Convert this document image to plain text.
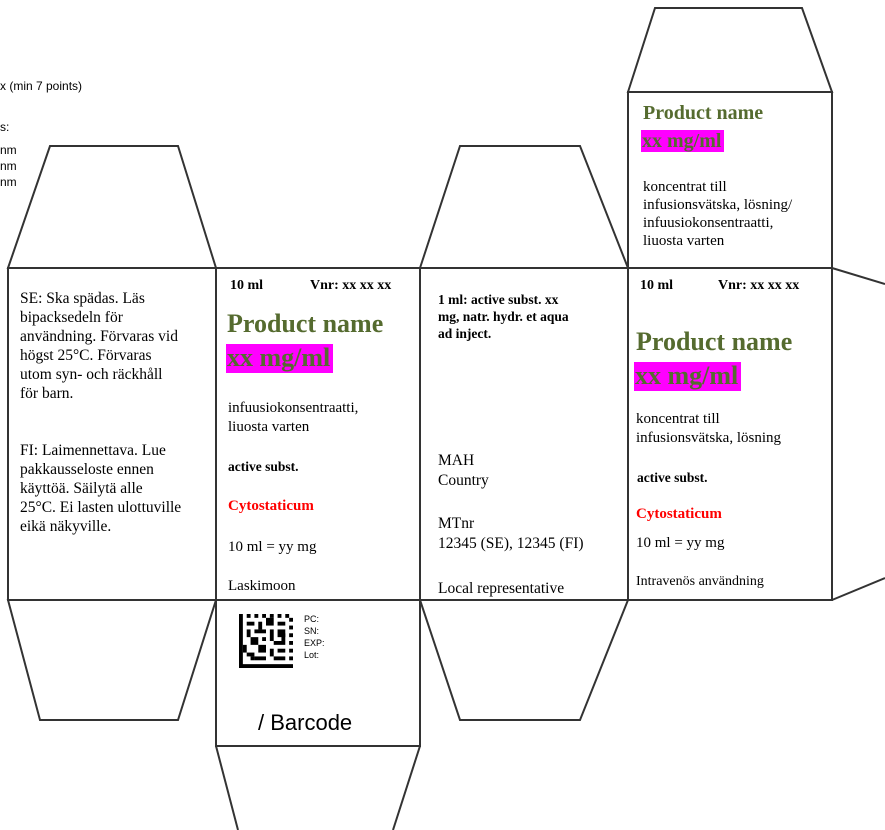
x (min 7 points)
s:
nm
nm
nm
Product name
xx mg/ml
koncentrat till
infusionsvätska, lösning/
infuusiokonsentraatti,
liuosta varten
SE: Ska spädas. Läs
bipacksedeln för
användning. Förvaras vid
högst 25°C. Förvaras
utom syn- och räckhåll
för barn.
FI: Laimennettava. Lue
pakkausseloste ennen
käyttöä. Säilytä alle
25°C. Ei lasten ulottuville
eikä näkyville.
10 ml	Vnr: xx xx xx
Product name
xx mg/ml
infuusiokonsentraatti,
liuosta varten
active subst.
Cytostaticum
10 ml = yy mg
Laskimoon
1 ml: active subst. xx
mg, natr. hydr. et aqua
ad inject.
MAH
Country
MTnr
12345 (SE), 12345 (FI)
Local representative
10 ml	Vnr: xx xx xx
Product name
xx mg/ml
koncentrat till
infusionsvätska, lösning
active subst.
Cytostaticum
10 ml = yy mg
Intravenös användning
PC:
SN:
EXP:
Lot:
/ Barcode
